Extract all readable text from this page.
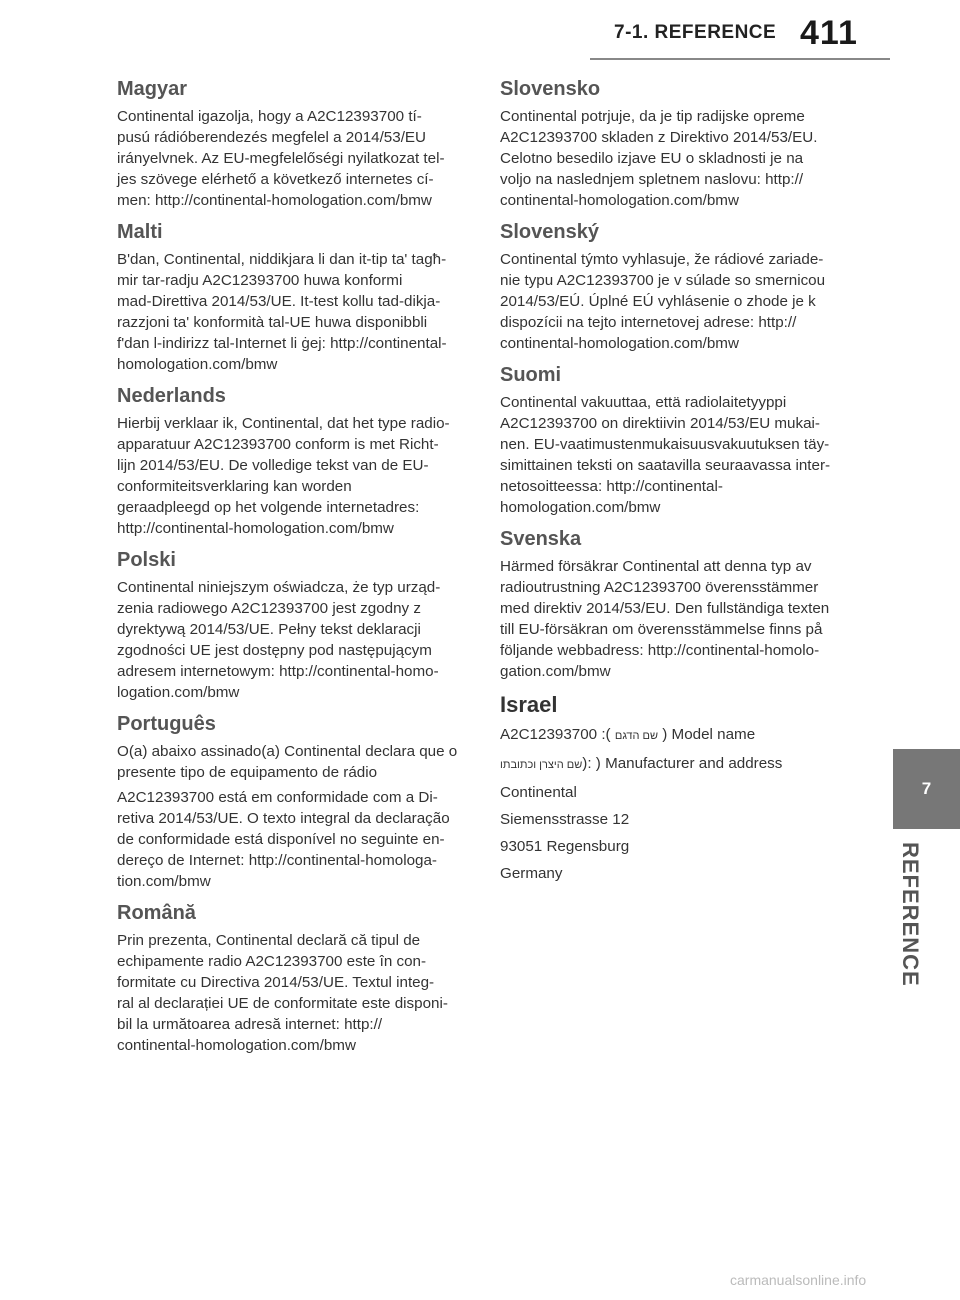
7-1. REFERENCE 411
Magyar

Continental igazolja, hogy a A2C12393700 tí-
pusú rádióberendezés megfelel a 2014/53/EU
irányelvnek. Az EU-megfelelőségi nyilatkozat tel-
jes szövege elérhető a következő internetes cí-
men: http://continental-homologation.com/bmw

Malti

B'dan, Continental, niddikjara li dan it-tip ta' tagħ-
mir tar-radju A2C12393700 huwa konformi
mad-Direttiva 2014/53/UE. It-test kollu tad-dikja-
razzjoni ta' konformità tal-UE huwa disponibbli
f'dan l-indirizz tal-Internet li ġej: http://continental-
homologation.com/bmw

Nederlands

Hierbij verklaar ik, Continental, dat het type radio-
apparatuur A2C12393700 conform is met Richt-
lijn 2014/53/EU. De volledige tekst van de EU-
conformiteitsverklaring kan worden
geraadpleegd op het volgende internetadres:
http://continental-homologation.com/bmw

Polski

Continental niniejszym oświadcza, że typ urząd-
zenia radiowego A2C12393700 jest zgodny z
dyrektywą 2014/53/UE. Pełny tekst deklaracji
zgodności UE jest dostępny pod następującym
adresem internetowym: http://continental-homo-
logation.com/bmw

Português

O(a) abaixo assinado(a) Continental declara que o
presente tipo de equipamento de rádio

A2C12393700 está em conformidade com a Di-
retiva 2014/53/UE. O texto integral da declaração
de conformidade está disponível no seguinte en-
dereço de Internet: http://continental-homologa-
tion.com/bmw

Română

Prin prezenta, Continental declară că tipul de
echipamente radio A2C12393700 este în con-
formitate cu Directiva 2014/53/UE. Textul integ-
ral al declarației UE de conformitate este disponi-
bil la următoarea adresă internet: http://
continental-homologation.com/bmw

Slovensko

Continental potrjuje, da je tip radijske opreme
A2C12393700 skladen z Direktivo 2014/53/EU.
Celotno besedilo izjave EU o skladnosti je na
voljo na naslednjem spletnem naslovu: http://
continental-homologation.com/bmw

Slovenský

Continental týmto vyhlasuje, že rádiové zariade-
nie typu A2C12393700 je v súlade so smernicou
2014/53/EÚ. Úplné EÚ vyhlásenie o zhode je k
dispozícii na tejto internetovej adrese: http://
continental-homologation.com/bmw

Suomi

Continental vakuuttaa, että radiolaitetyyppi
A2C12393700 on direktiivin 2014/53/EU mukai-
nen. EU-vaatimustenmukaisuusvakuutuksen täy-
simittainen teksti on saatavilla seuraavassa inter-
netosoitteessa: http://continental-
homologation.com/bmw

Svenska

Härmed försäkrar Continental att denna typ av
radioutrustning A2C12393700 överensstämmer
med direktiv 2014/53/EU. Den fullständiga texten
till EU-försäkran om överensstämmelse finns på
följande webbadress: http://continental-homolo-
gation.com/bmw

Israel

A2C12393700 :( שם הדגם ) Model name

שם היצרן וכתובתו): ) Manufacturer and address

Continental

Siemensstrasse 12

93051 Regensburg

Germany

7
REFERENCE
carmanualsonline.info
